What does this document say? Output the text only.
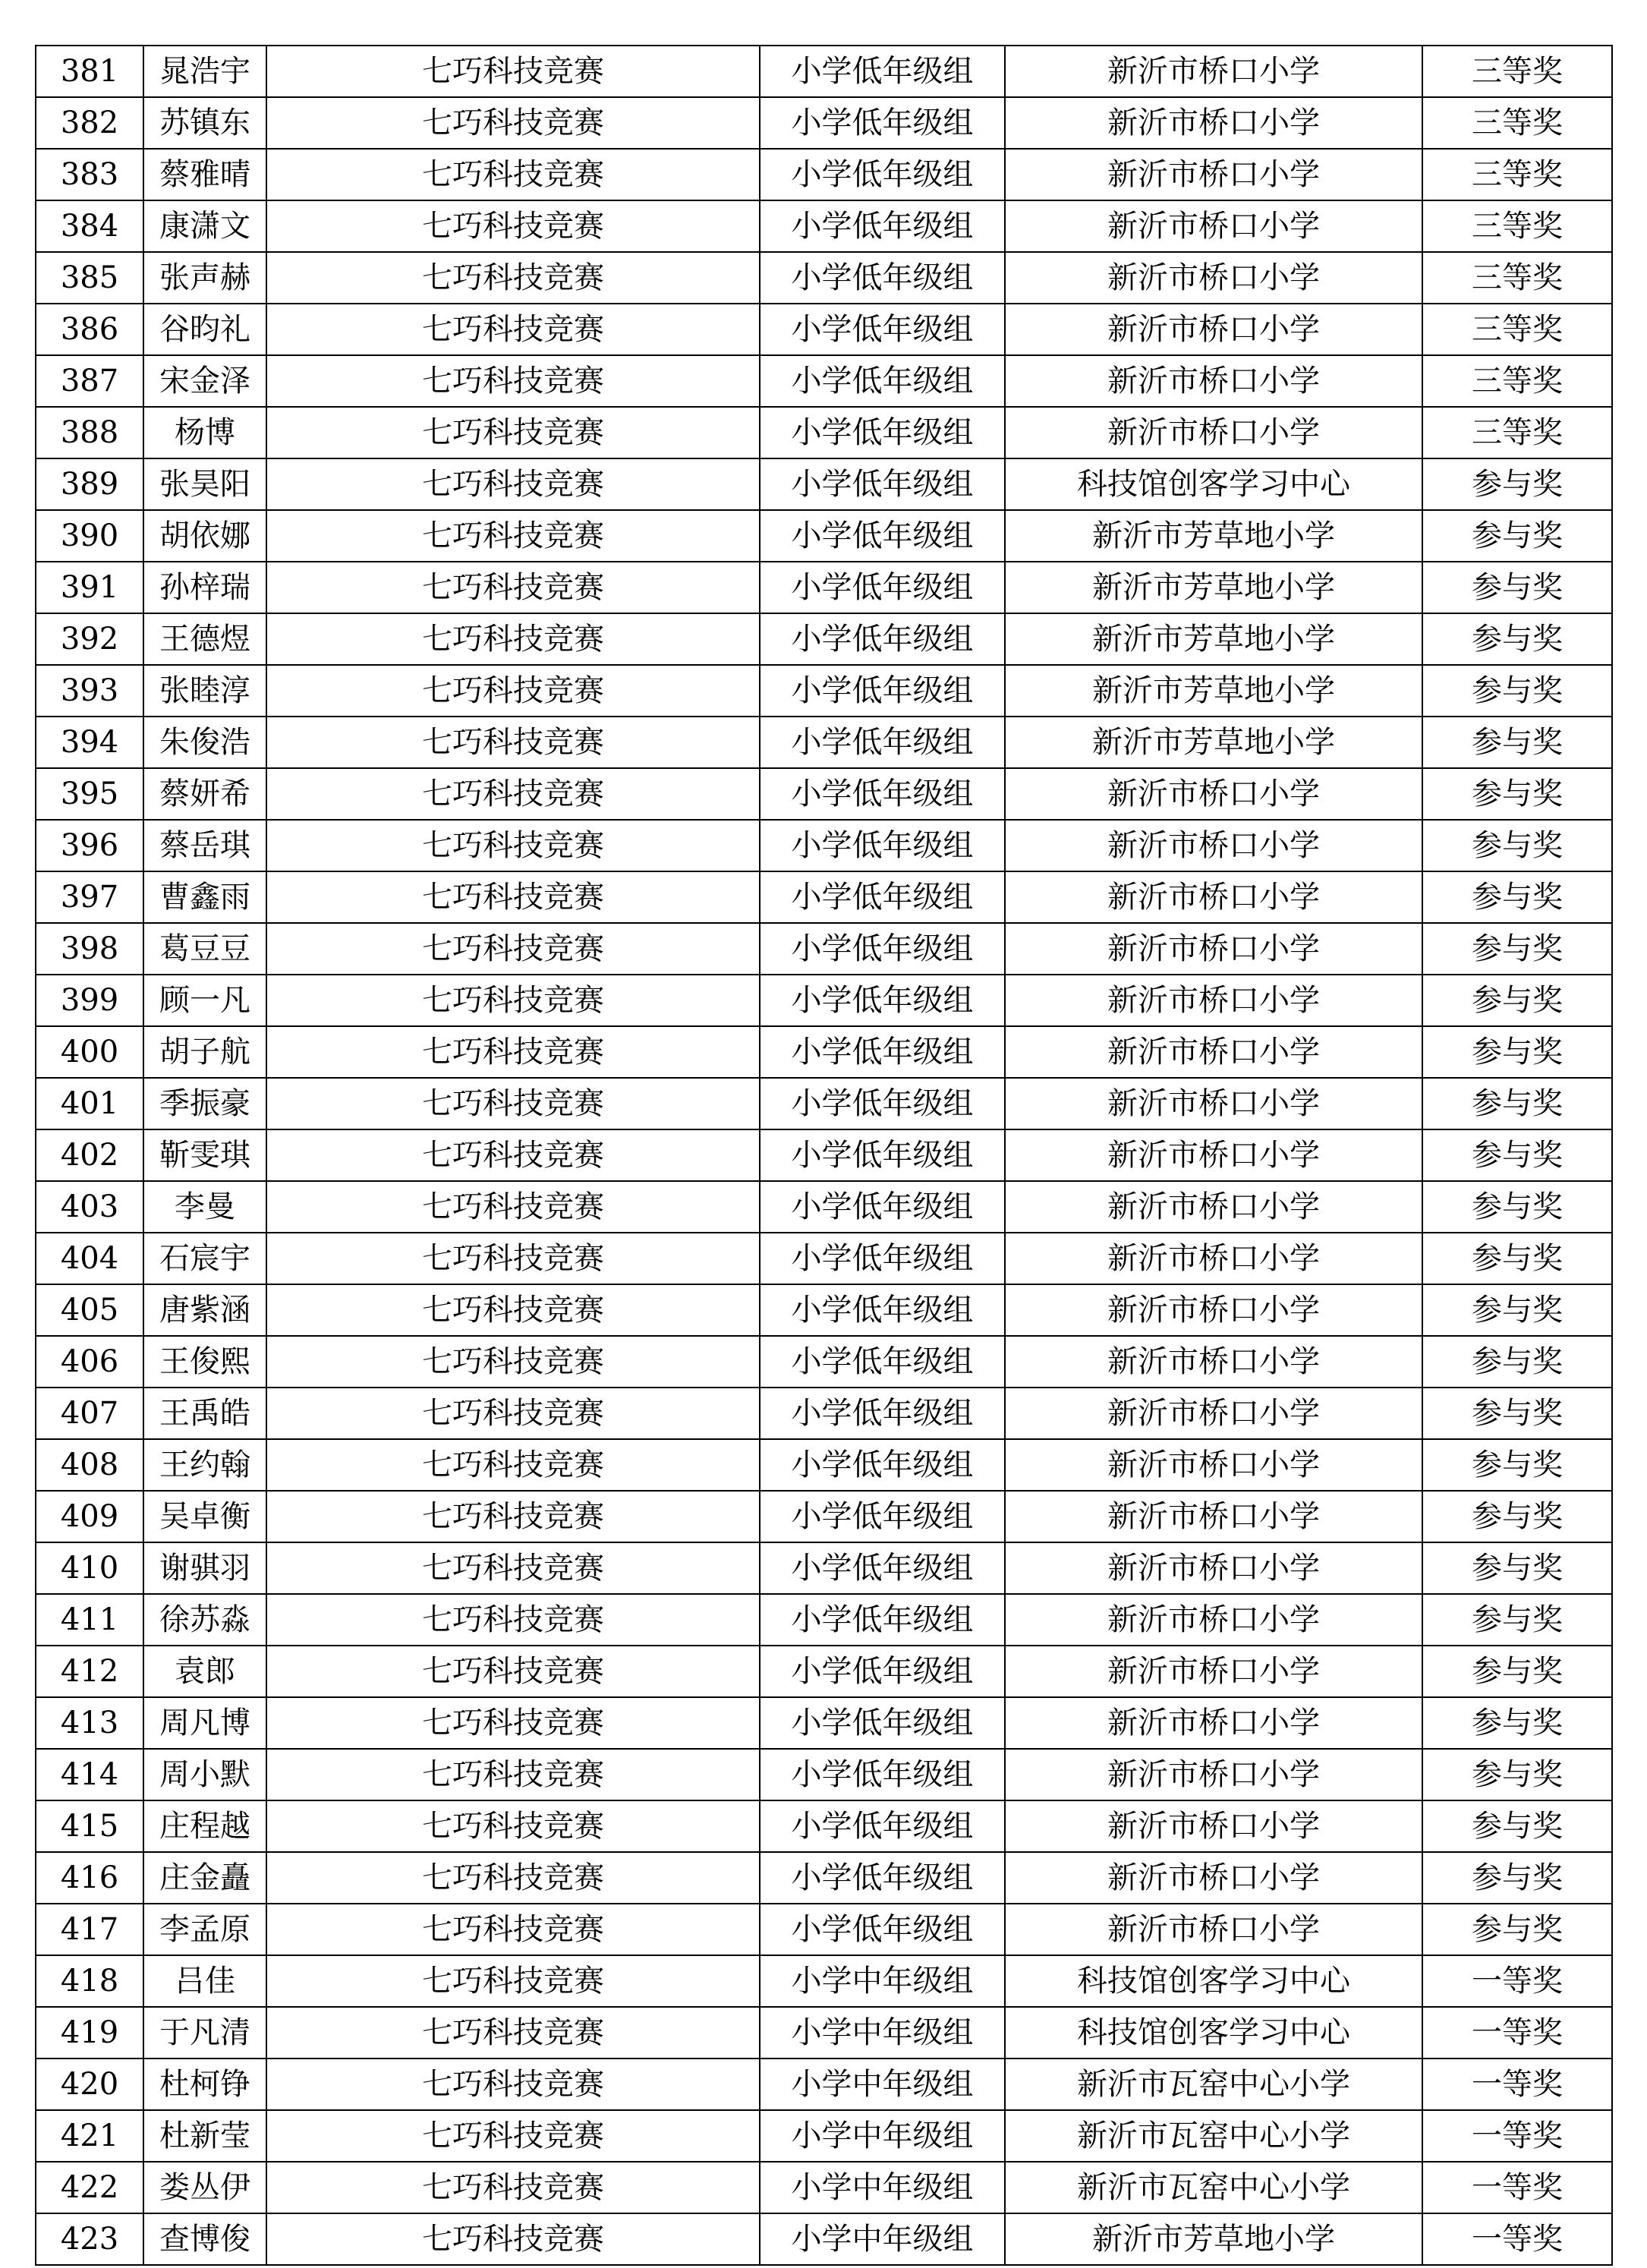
381	晁浩宇	七巧科技竞赛	小学低年级组	新沂市桥口小学	三等奖
382	苏镇东	七巧科技竞赛	小学低年级组	新沂市桥口小学	三等奖
383	蔡雅晴	七巧科技竞赛	小学低年级组	新沂市桥口小学	三等奖
384	康潇文	七巧科技竞赛	小学低年级组	新沂市桥口小学	三等奖
385	张声赫	七巧科技竞赛	小学低年级组	新沂市桥口小学	三等奖
386	谷昀礼	七巧科技竞赛	小学低年级组	新沂市桥口小学	三等奖
387	宋金泽	七巧科技竞赛	小学低年级组	新沂市桥口小学	三等奖
388	杨博	七巧科技竞赛	小学低年级组	新沂市桥口小学	三等奖
389	张昊阳	七巧科技竞赛	小学低年级组	科技馆创客学习中心	参与奖
390	胡依娜	七巧科技竞赛	小学低年级组	新沂市芳草地小学	参与奖
391	孙梓瑞	七巧科技竞赛	小学低年级组	新沂市芳草地小学	参与奖
392	王德煜	七巧科技竞赛	小学低年级组	新沂市芳草地小学	参与奖
393	张睦淳	七巧科技竞赛	小学低年级组	新沂市芳草地小学	参与奖
394	朱俊浩	七巧科技竞赛	小学低年级组	新沂市芳草地小学	参与奖
395	蔡妍希	七巧科技竞赛	小学低年级组	新沂市桥口小学	参与奖
396	蔡岳琪	七巧科技竞赛	小学低年级组	新沂市桥口小学	参与奖
397	曹鑫雨	七巧科技竞赛	小学低年级组	新沂市桥口小学	参与奖
398	葛豆豆	七巧科技竞赛	小学低年级组	新沂市桥口小学	参与奖
399	顾一凡	七巧科技竞赛	小学低年级组	新沂市桥口小学	参与奖
400	胡子航	七巧科技竞赛	小学低年级组	新沂市桥口小学	参与奖
401	季振豪	七巧科技竞赛	小学低年级组	新沂市桥口小学	参与奖
402	靳雯琪	七巧科技竞赛	小学低年级组	新沂市桥口小学	参与奖
403	李曼	七巧科技竞赛	小学低年级组	新沂市桥口小学	参与奖
404	石宸宇	七巧科技竞赛	小学低年级组	新沂市桥口小学	参与奖
405	唐紫涵	七巧科技竞赛	小学低年级组	新沂市桥口小学	参与奖
406	王俊熙	七巧科技竞赛	小学低年级组	新沂市桥口小学	参与奖
407	王禹皓	七巧科技竞赛	小学低年级组	新沂市桥口小学	参与奖
408	王约翰	七巧科技竞赛	小学低年级组	新沂市桥口小学	参与奖
409	吴卓衡	七巧科技竞赛	小学低年级组	新沂市桥口小学	参与奖
410	谢骐羽	七巧科技竞赛	小学低年级组	新沂市桥口小学	参与奖
411	徐苏淼	七巧科技竞赛	小学低年级组	新沂市桥口小学	参与奖
412	袁郎	七巧科技竞赛	小学低年级组	新沂市桥口小学	参与奖
413	周凡博	七巧科技竞赛	小学低年级组	新沂市桥口小学	参与奖
414	周小默	七巧科技竞赛	小学低年级组	新沂市桥口小学	参与奖
415	庄程越	七巧科技竞赛	小学低年级组	新沂市桥口小学	参与奖
416	庄金矗	七巧科技竞赛	小学低年级组	新沂市桥口小学	参与奖
417	李孟原	七巧科技竞赛	小学低年级组	新沂市桥口小学	参与奖
418	吕佳	七巧科技竞赛	小学中年级组	科技馆创客学习中心	一等奖
419	于凡清	七巧科技竞赛	小学中年级组	科技馆创客学习中心	一等奖
420	杜柯铮	七巧科技竞赛	小学中年级组	新沂市瓦窑中心小学	一等奖
421	杜新莹	七巧科技竞赛	小学中年级组	新沂市瓦窑中心小学	一等奖
422	娄丛伊	七巧科技竞赛	小学中年级组	新沂市瓦窑中心小学	一等奖
423	查博俊	七巧科技竞赛	小学中年级组	新沂市芳草地小学	一等奖
